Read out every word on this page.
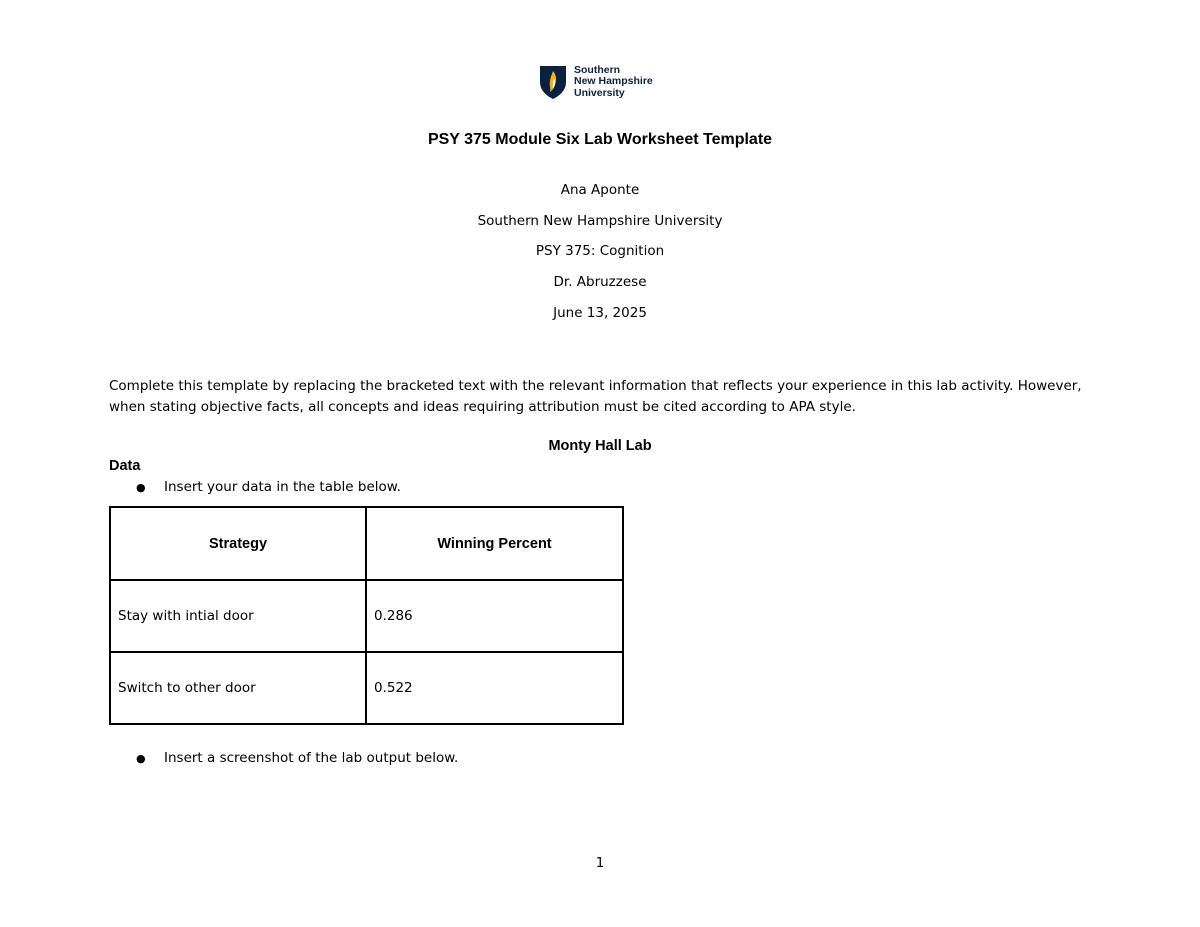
Southern
New Hampshire
University
PSY 375 Module Six Lab Worksheet Template
Ana Aponte
Southern New Hampshire University
PSY 375: Cognition
Dr. Abruzzese
June 13, 2025
Complete this template by replacing the bracketed text with the relevant information that reflects your experience in this lab activity. However, when stating objective facts, all concepts and ideas requiring attribution must be cited according to APA style.
Monty Hall Lab
Data
●	Insert your data in the table below.
Strategy	Winning Percent
Stay with intial door	0.286
Switch to other door	0.522
●	Insert a screenshot of the lab output below.
1
